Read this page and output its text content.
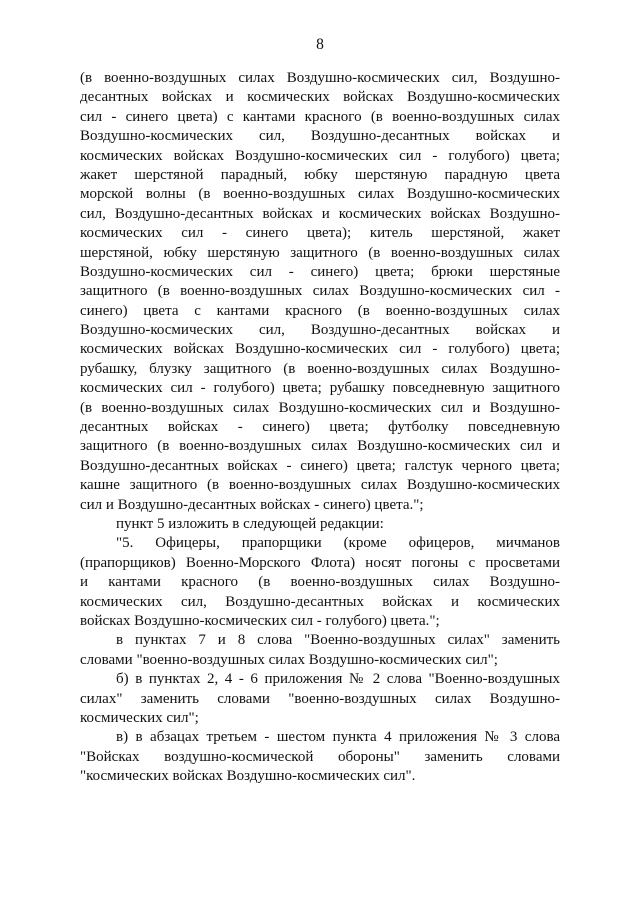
8
(в военно-воздушных силах Воздушно-космических сил, Воздушно-
десантных войсках и космических войсках Воздушно-космических
сил - синего цвета) с кантами красного (в военно-воздушных силах
Воздушно-космических сил, Воздушно-десантных войсках и
космических войсках Воздушно-космических сил - голубого) цвета;
жакет шерстяной парадный, юбку шерстяную парадную цвета
морской волны (в военно-воздушных силах Воздушно-космических
сил, Воздушно-десантных войсках и космических войсках Воздушно-
космических сил - синего цвета); китель шерстяной, жакет
шерстяной, юбку шерстяную защитного (в военно-воздушных силах
Воздушно-космических сил - синего) цвета; брюки шерстяные
защитного (в военно-воздушных силах Воздушно-космических сил -
синего) цвета с кантами красного (в военно-воздушных силах
Воздушно-космических сил, Воздушно-десантных войсках и
космических войсках Воздушно-космических сил - голубого) цвета;
рубашку, блузку защитного (в военно-воздушных силах Воздушно-
космических сил - голубого) цвета; рубашку повседневную защитного
(в военно-воздушных силах Воздушно-космических сил и Воздушно-
десантных войсках - синего) цвета; футболку повседневную
защитного (в военно-воздушных силах Воздушно-космических сил и
Воздушно-десантных войсках - синего) цвета; галстук черного цвета;
кашне защитного (в военно-воздушных силах Воздушно-космических
сил и Воздушно-десантных войсках - синего) цвета.";
пункт 5 изложить в следующей редакции:
"5. Офицеры, прапорщики (кроме офицеров, мичманов
(прапорщиков) Военно-Морского Флота) носят погоны с просветами
и кантами красного (в военно-воздушных силах Воздушно-
космических сил, Воздушно-десантных войсках и космических
войсках Воздушно-космических сил - голубого) цвета.";
в пунктах 7 и 8 слова "Военно-воздушных силах" заменить
словами "военно-воздушных силах Воздушно-космических сил";
б) в пунктах 2, 4 - 6 приложения № 2 слова "Военно-воздушных
силах" заменить словами "военно-воздушных силах Воздушно-
космических сил";
в) в абзацах третьем - шестом пункта 4 приложения № 3 слова
"Войсках воздушно-космической обороны" заменить словами
"космических войсках Воздушно-космических сил".
